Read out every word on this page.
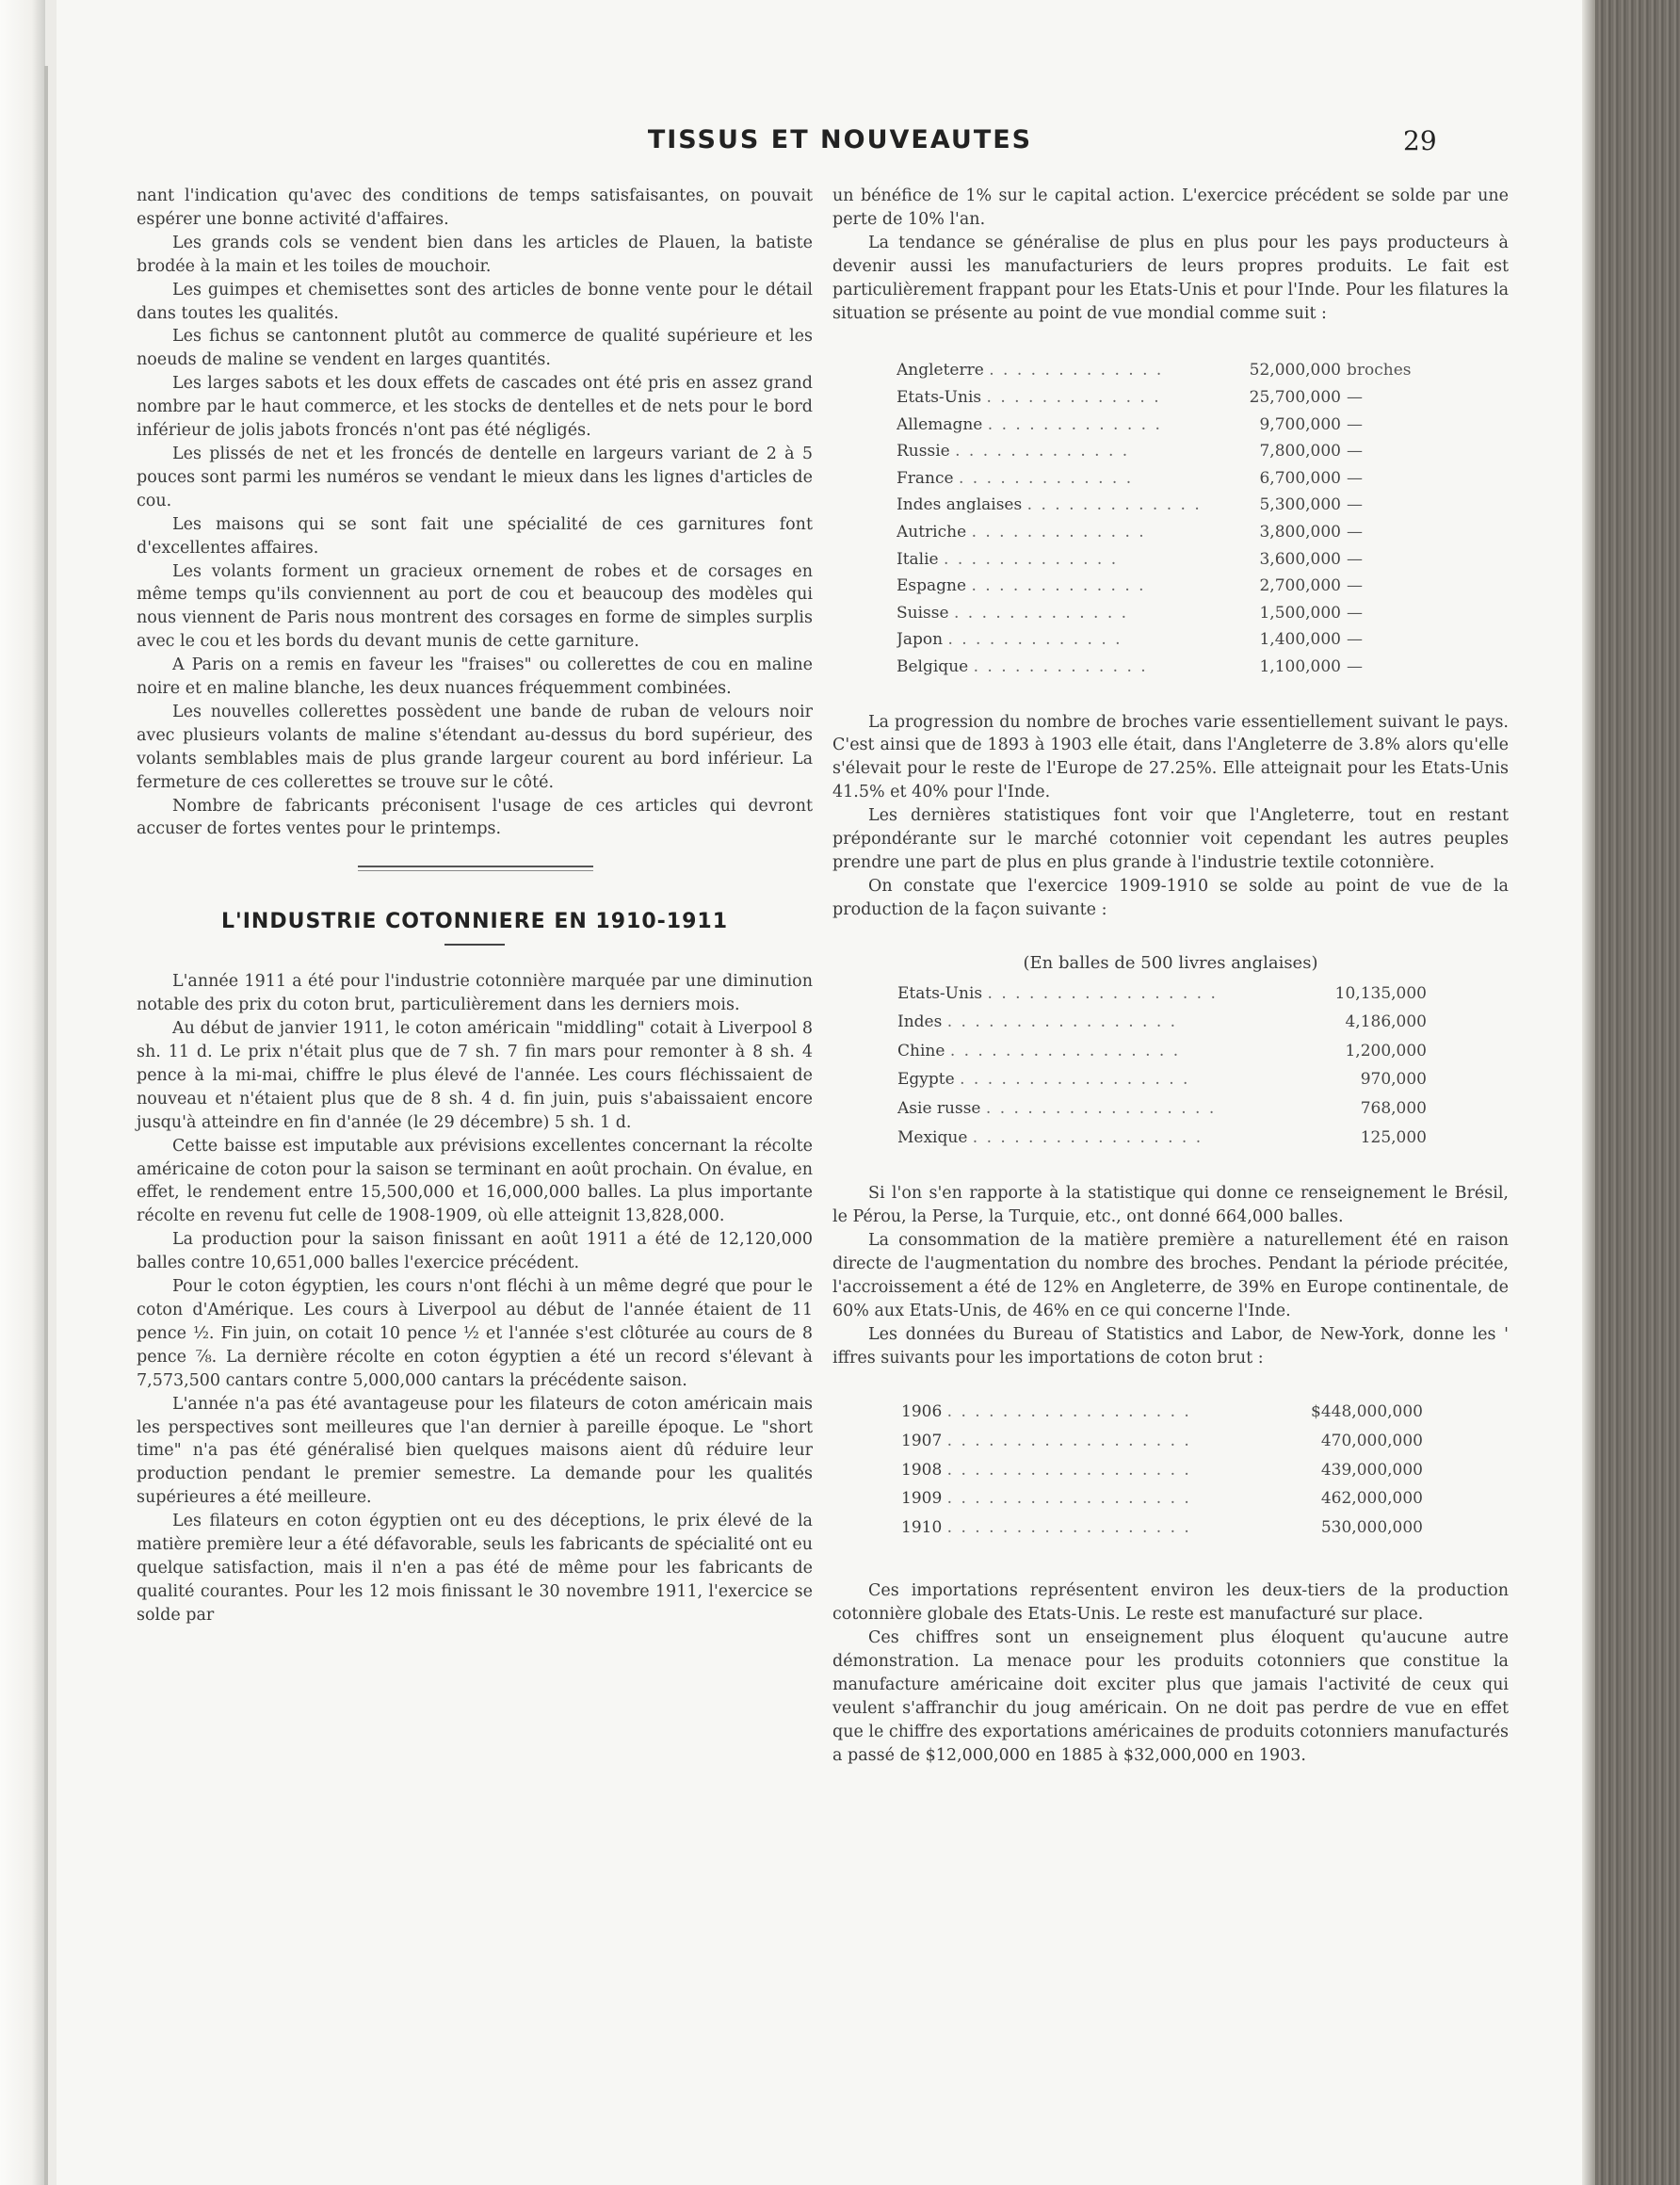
TISSUS ET NOUVEAUTES	29

nant l'indication qu'avec des conditions de temps satisfaisantes, on pouvait espérer une bonne activité d'affaires.

Les grands cols se vendent bien dans les articles de Plauen, la batiste brodée à la main et les toiles de mouchoir.

Les guimpes et chemisettes sont des articles de bonne vente pour le détail dans toutes les qualités.

Les fichus se cantonnent plutôt au commerce de qualité supérieure et les noeuds de maline se vendent en larges quantités.

Les larges sabots et les doux effets de cascades ont été pris en assez grand nombre par le haut commerce, et les stocks de dentelles et de nets pour le bord inférieur de jolis jabots froncés n'ont pas été négligés.

Les plissés de net et les froncés de dentelle en largeurs variant de 2 à 5 pouces sont parmi les numéros se vendant le mieux dans les lignes d'articles de cou.

Les maisons qui se sont fait une spécialité de ces garnitures font d'excellentes affaires.

Les volants forment un gracieux ornement de robes et de corsages en même temps qu'ils conviennent au port de cou et beaucoup des modèles qui nous viennent de Paris nous montrent des corsages en forme de simples surplis avec le cou et les bords du devant munis de cette garniture.

A Paris on a remis en faveur les "fraises" ou collerettes de cou en maline noire et en maline blanche, les deux nuances fréquemment combinées.

Les nouvelles collerettes possèdent une bande de ruban de velours noir avec plusieurs volants de maline s'étendant au-dessus du bord supérieur, des volants semblables mais de plus grande largeur courent au bord inférieur. La fermeture de ces collerettes se trouve sur le côté.

Nombre de fabricants préconisent l'usage de ces articles qui devront accuser de fortes ventes pour le printemps.

L'INDUSTRIE COTONNIERE EN 1910-1911

L'année 1911 a été pour l'industrie cotonnière marquée par une diminution notable des prix du coton brut, particulièrement dans les derniers mois.

Au début de janvier 1911, le coton américain "middling" cotait à Liverpool 8 sh. 11 d. Le prix n'était plus que de 7 sh. 7 fin mars pour remonter à 8 sh. 4 pence à la mi-mai, chiffre le plus élevé de l'année. Les cours fléchissaient de nouveau et n'étaient plus que de 8 sh. 4 d. fin juin, puis s'abaissaient encore jusqu'à atteindre en fin d'année (le 29 décembre) 5 sh. 1 d.

Cette baisse est imputable aux prévisions excellentes concernant la récolte américaine de coton pour la saison se terminant en août prochain. On évalue, en effet, le rendement entre 15,500,000 et 16,000,000 balles. La plus importante récolte en revenu fut celle de 1908-1909, où elle atteignit 13,828,000.

La production pour la saison finissant en août 1911 a été de 12,120,000 balles contre 10,651,000 balles l'exercice précédent.

Pour le coton égyptien, les cours n'ont fléchi à un même degré que pour le coton d'Amérique. Les cours à Liverpool au début de l'année étaient de 11 pence ½. Fin juin, on cotait 10 pence ½ et l'année s'est clôturée au cours de 8 pence ⅞. La dernière récolte en coton égyptien a été un record s'élevant à 7,573,500 cantars contre 5,000,000 cantars la précédente saison.

L'année n'a pas été avantageuse pour les filateurs de coton américain mais les perspectives sont meilleures que l'an dernier à pareille époque. Le "short time" n'a pas été généralisé bien quelques maisons aient dû réduire leur production pendant le premier semestre. La demande pour les qualités supérieures a été meilleure.

Les filateurs en coton égyptien ont eu des déceptions, le prix élevé de la matière première leur a été défavorable, seuls les fabricants de spécialité ont eu quelque satisfaction, mais il n'en a pas été de même pour les fabricants de qualité courantes. Pour les 12 mois finissant le 30 novembre 1911, l'exercice se solde par

un bénéfice de 1% sur le capital action. L'exercice précédent se solde par une perte de 10% l'an.

La tendance se généralise de plus en plus pour les pays producteurs à devenir aussi les manufacturiers de leurs propres produits. Le fait est particulièrement frappant pour les Etats-Unis et pour l'Inde. Pour les filatures la situation se présente au point de vue mondial comme suit :

Angleterre . . . . . . . . . . . . .	52,000,000	broches
Etats-Unis . . . . . . . . . . . . .	25,700,000	—
Allemagne . . . . . . . . . . . . .	9,700,000	—
Russie . . . . . . . . . . . . .	7,800,000	—
France . . . . . . . . . . . . .	6,700,000	—
Indes anglaises . . . . . . . . . . . . .	5,300,000	—
Autriche . . . . . . . . . . . . .	3,800,000	—
Italie . . . . . . . . . . . . .	3,600,000	—
Espagne . . . . . . . . . . . . .	2,700,000	—
Suisse . . . . . . . . . . . . .	1,500,000	—
Japon . . . . . . . . . . . . .	1,400,000	—
Belgique . . . . . . . . . . . . .	1,100,000	—

La progression du nombre de broches varie essentiellement suivant le pays. C'est ainsi que de 1893 à 1903 elle était, dans l'Angleterre de 3.8% alors qu'elle s'élevait pour le reste de l'Europe de 27.25%. Elle atteignait pour les Etats-Unis 41.5% et 40% pour l'Inde.

Les dernières statistiques font voir que l'Angleterre, tout en restant prépondérante sur le marché cotonnier voit cependant les autres peuples prendre une part de plus en plus grande à l'industrie textile cotonnière.

On constate que l'exercice 1909-1910 se solde au point de vue de la production de la façon suivante :

(En balles de 500 livres anglaises)
Etats-Unis . . . . . . . . . . . . . . . . .	10,135,000
Indes . . . . . . . . . . . . . . . . .	4,186,000
Chine . . . . . . . . . . . . . . . . .	1,200,000
Egypte . . . . . . . . . . . . . . . . .	970,000
Asie russe . . . . . . . . . . . . . . . . .	768,000
Mexique . . . . . . . . . . . . . . . . .	125,000

Si l'on s'en rapporte à la statistique qui donne ce renseignement le Brésil, le Pérou, la Perse, la Turquie, etc., ont donné 664,000 balles.

La consommation de la matière première a naturellement été en raison directe de l'augmentation du nombre des broches. Pendant la période précitée, l'accroissement a été de 12% en Angleterre, de 39% en Europe continentale, de 60% aux Etats-Unis, de 46% en ce qui concerne l'Inde.

Les données du Bureau of Statistics and Labor, de New-York, donne les ' iffres suivants pour les importations de coton brut :

1906 . . . . . . . . . . . . . . . . . .	$448,000,000
1907 . . . . . . . . . . . . . . . . . .	470,000,000
1908 . . . . . . . . . . . . . . . . . .	439,000,000
1909 . . . . . . . . . . . . . . . . . .	462,000,000
1910 . . . . . . . . . . . . . . . . . .	530,000,000

Ces importations représentent environ les deux-tiers de la production cotonnière globale des Etats-Unis. Le reste est manufacturé sur place.

Ces chiffres sont un enseignement plus éloquent qu'aucune autre démonstration. La menace pour les produits cotonniers que constitue la manufacture américaine doit exciter plus que jamais l'activité de ceux qui veulent s'affranchir du joug américain. On ne doit pas perdre de vue en effet que le chiffre des exportations américaines de produits cotonniers manufacturés a passé de $12,000,000 en 1885 à $32,000,000 en 1903.
